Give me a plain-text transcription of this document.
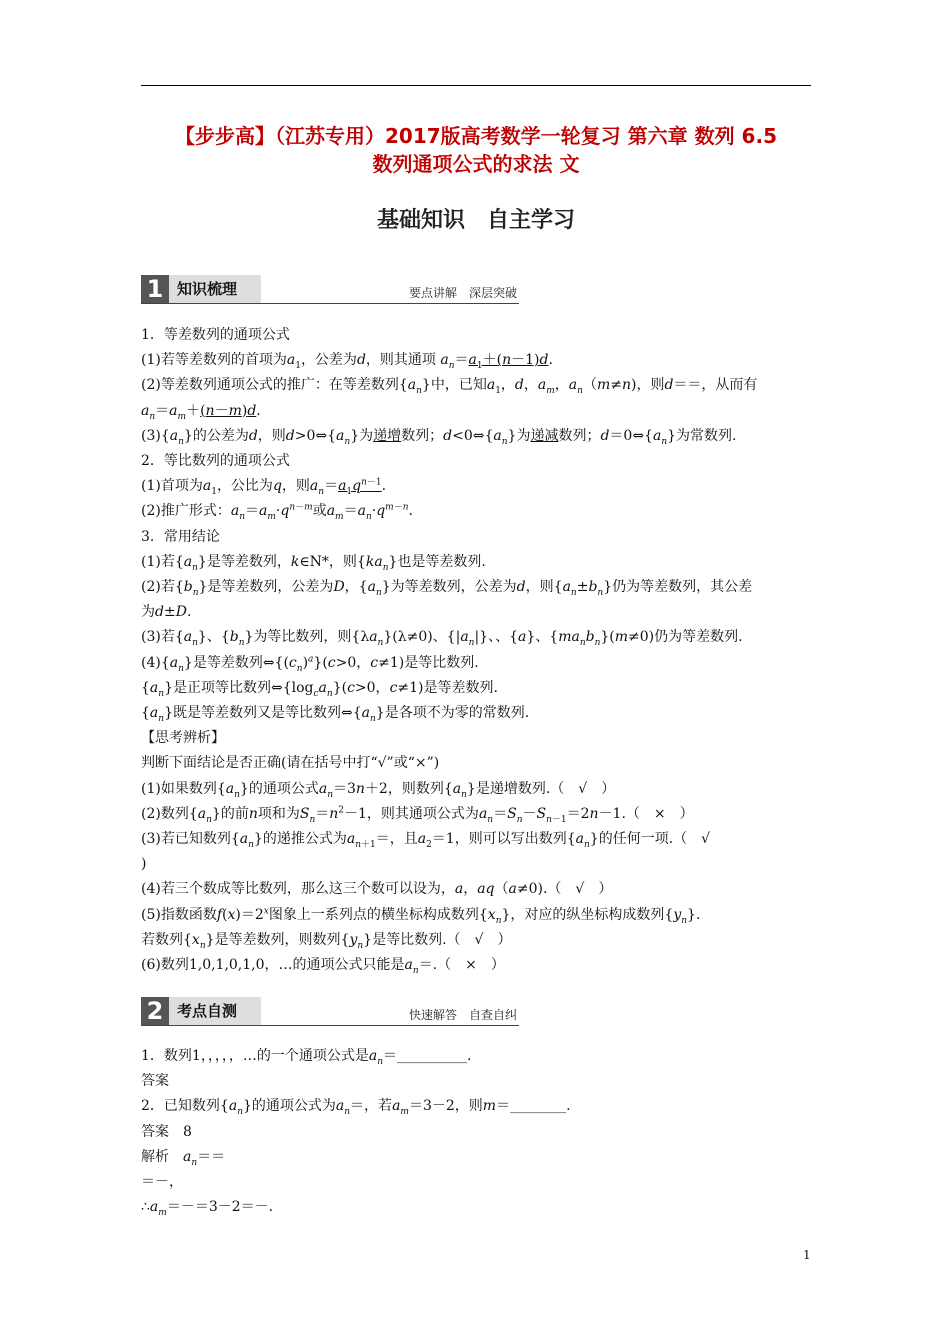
【步步高】（江苏专用）2017版高考数学一轮复习 第六章 数列 6.5
数列通项公式的求法 文
基础知识　自主学习
1 知识梳理	要点讲解　深层突破

1．等差数列的通项公式

(1)若等差数列的首项为$a_1$，公差为d，则其通项 $a_n=a_1+(n-1)d$.

(2)等差数列通项公式的推广：在等差数列$\{a_n\}$中，已知$a_1$，d，$a_m$，$a_n(m\ne n)$，则d＝＝，从而有

$a_n=a_m+(n-m)d$.

$(3)\{a_n\}$的公差为d，则$d>0\Leftrightarrow\{a_n\}$为递增数列；$d<0\Leftrightarrow\{a_n\}$为递减数列；$d=0\Leftrightarrow\{a_n\}$为常数列.

2．等比数列的通项公式

(1)首项为$a_1$，公比为q，则$a_n=a_1q^{n-1}$.

(2)推广形式：$a_n=a_m\cdot q^{n-m}$或$a_m=a_n\cdot q^{m-n}$.

3．常用结论

(1)若$\{a_n\}$是等差数列，k∈N*，则$\{ka_n\}$也是等差数列.

(2)若$\{b_n\}$是等差数列，公差为D，$\{a_n\}$为等差数列，公差为d，则$\{a_n\pm b_n\}$仍为等差数列，其公差

为d±D.

(3)若$\{a_n\}$、$\{b_n\}$为等比数列，则$\{\lambda a_n\}(\lambda\ne 0)$、$\{|a_n|\}$、、{a}、$\{ma_nb_n\}(m\ne 0)$仍为等差数列.

$(4)\{a_n\}$是等差数列$\Leftrightarrow\{(c_n)^a\}(c>0$，c≠1)是等比数列.

$\{a_n\}$是正项等比数列$\Leftrightarrow\{\log_ca_n\}(c>0$，c≠1)是等差数列.

$\{a_n\}$既是等差数列又是等比数列$\Leftrightarrow\{a_n\}$是各项不为零的常数列.

【思考辨析】

判断下面结论是否正确(请在括号中打“√”或“×”)

(1)如果数列$\{a_n\}$的通项公式$a_n=3n+2$，则数列$\{a_n\}$是递增数列.（　√　）

(2)数列$\{a_n\}$的前n项和为$S_n=n^2-1$，则其通项公式为$a_n=S_n-S_{n-1}=2n-1$.（　×　）

(3)若已知数列$\{a_n\}$的递推公式为$a_{n+1}=$，且$a_2=1$，则可以写出数列$\{a_n\}$的任何一项.（　√

)

(4)若三个数成等比数列，那么这三个数可以设为，a，aq（a≠0).（　√　）

(5)指数函数$f(x)=2^x$图象上一系列点的横坐标构成数列$\{x_n\}$，对应的纵坐标构成数列$\{y_n\}$.

若数列$\{x_n\}$是等差数列，则数列$\{y_n\}$是等比数列.（　√　）

(6)数列1,0,1,0,1,0，…的通项公式只能是$a_n=$.（　×　）

2 考点自测	快速解答　自查自纠

1．数列1，，，，，…的一个通项公式是$a_n=\_\_\_\_\_\_\_\_\_\_$.

答案

2．已知数列$\{a_n\}$的通项公式为$a_n=$，若$a_m=3-2$，则m＝________.

答案　8

解析　$a_n==$

＝－，

$\therefore a_m=-=3-2=-$.

1
